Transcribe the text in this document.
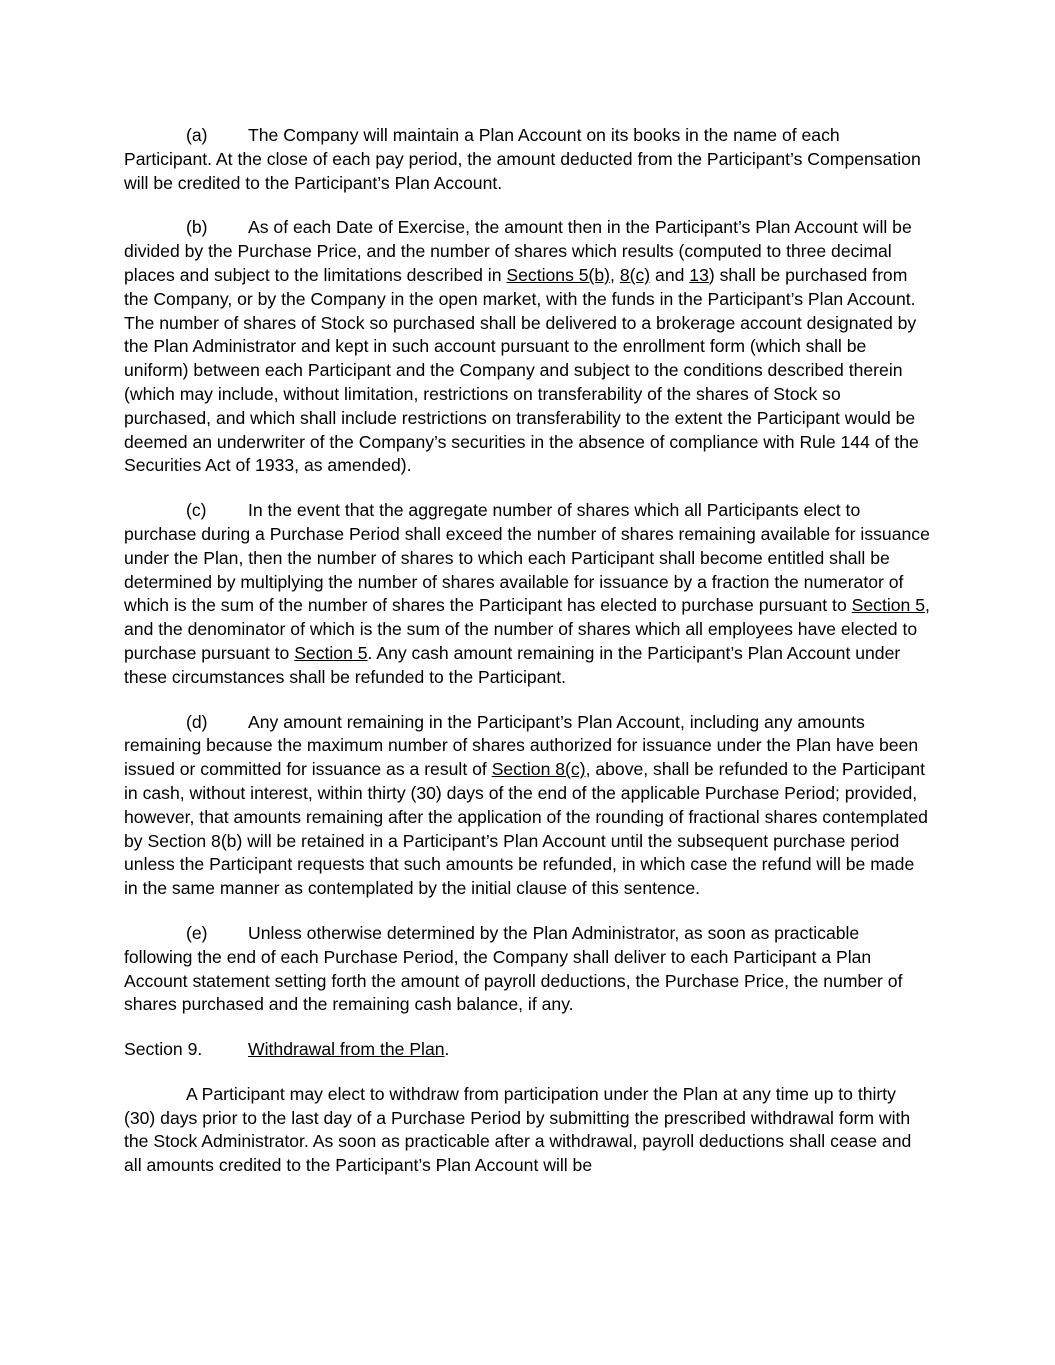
(a) The Company will maintain a Plan Account on its books in the name of each Participant. At the close of each pay period, the amount deducted from the Participant’s Compensation will be credited to the Participant’s Plan Account.

(b) As of each Date of Exercise, the amount then in the Participant’s Plan Account will be divided by the Purchase Price, and the number of shares which results (computed to three decimal places and subject to the limitations described in Sections 5(b), 8(c) and 13) shall be purchased from the Company, or by the Company in the open market, with the funds in the Participant’s Plan Account. The number of shares of Stock so purchased shall be delivered to a brokerage account designated by the Plan Administrator and kept in such account pursuant to the enrollment form (which shall be uniform) between each Participant and the Company and subject to the conditions described therein (which may include, without limitation, restrictions on transferability of the shares of Stock so purchased, and which shall include restrictions on transferability to the extent the Participant would be deemed an underwriter of the Company’s securities in the absence of compliance with Rule 144 of the Securities Act of 1933, as amended).

(c) In the event that the aggregate number of shares which all Participants elect to purchase during a Purchase Period shall exceed the number of shares remaining available for issuance under the Plan, then the number of shares to which each Participant shall become entitled shall be determined by multiplying the number of shares available for issuance by a fraction the numerator of which is the sum of the number of shares the Participant has elected to purchase pursuant to Section 5, and the denominator of which is the sum of the number of shares which all employees have elected to purchase pursuant to Section 5. Any cash amount remaining in the Participant’s Plan Account under these circumstances shall be refunded to the Participant.

(d) Any amount remaining in the Participant’s Plan Account, including any amounts remaining because the maximum number of shares authorized for issuance under the Plan have been issued or committed for issuance as a result of Section 8(c), above, shall be refunded to the Participant in cash, without interest, within thirty (30) days of the end of the applicable Purchase Period; provided, however, that amounts remaining after the application of the rounding of fractional shares contemplated by Section 8(b) will be retained in a Participant’s Plan Account until the subsequent purchase period unless the Participant requests that such amounts be refunded, in which case the refund will be made in the same manner as contemplated by the initial clause of this sentence.

(e) Unless otherwise determined by the Plan Administrator, as soon as practicable following the end of each Purchase Period, the Company shall deliver to each Participant a Plan Account statement setting forth the amount of payroll deductions, the Purchase Price, the number of shares purchased and the remaining cash balance, if any.

Section 9.	Withdrawal from the Plan.

A Participant may elect to withdraw from participation under the Plan at any time up to thirty (30) days prior to the last day of a Purchase Period by submitting the prescribed withdrawal form with the Stock Administrator. As soon as practicable after a withdrawal, payroll deductions shall cease and all amounts credited to the Participant’s Plan Account will be
